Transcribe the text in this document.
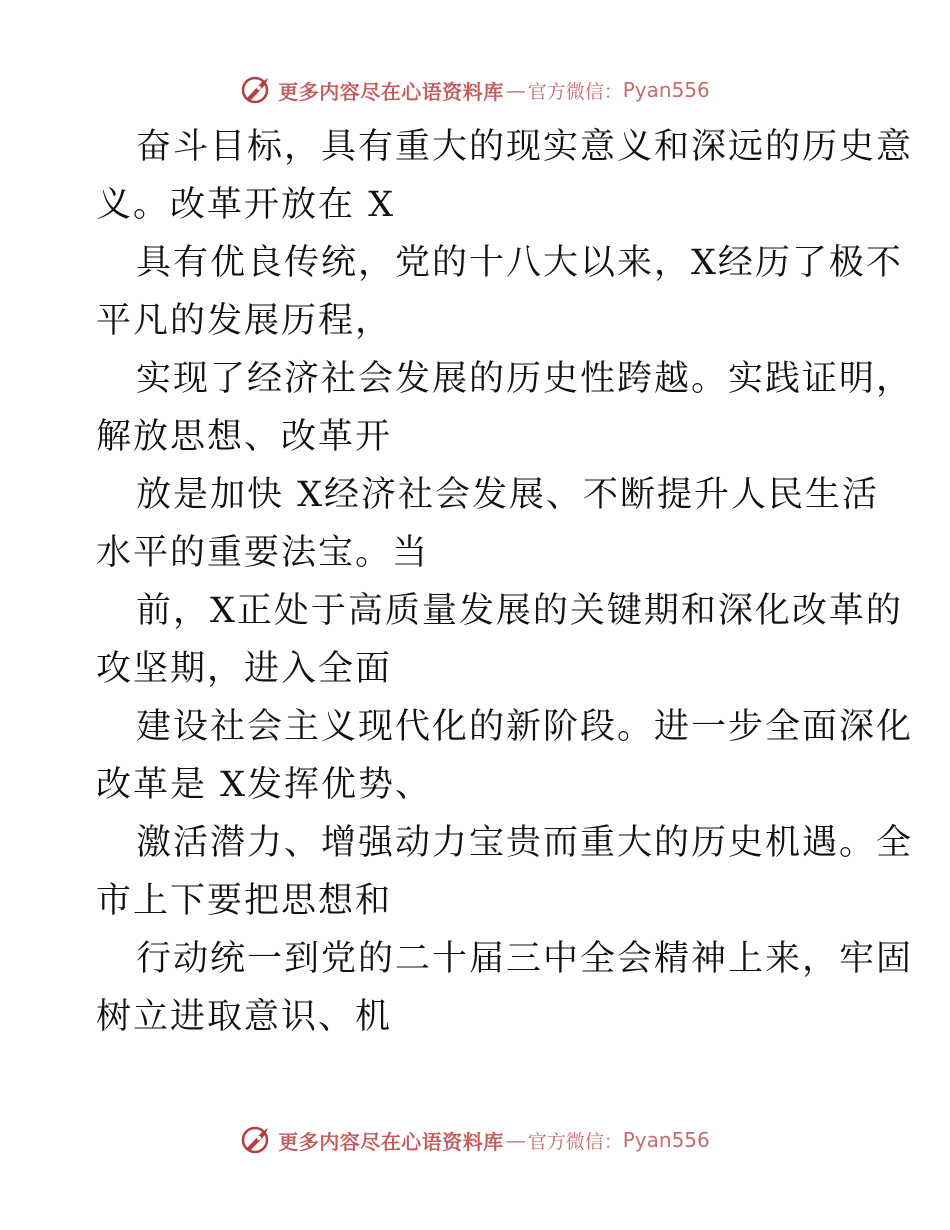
更多内容尽在心语资料库 — 官方微信： Pyan556

奋斗目标，具有重大的现实意义和深远的历史意
义。改革开放在 X

具有优良传统，党的十八大以来，X经历了极不
平凡的发展历程，

实现了经济社会发展的历史性跨越。实践证明，
解放思想、改革开

放是加快 X经济社会发展、不断提升人民生活
水平的重要法宝。当

前，X正处于高质量发展的关键期和深化改革的
攻坚期，进入全面

建设社会主义现代化的新阶段。进一步全面深化
改革是 X发挥优势、

激活潜力、增强动力宝贵而重大的历史机遇。全
市上下要把思想和

行动统一到党的二十届三中全会精神上来，牢固
树立进取意识、机

更多内容尽在心语资料库 — 官方微信： Pyan556
